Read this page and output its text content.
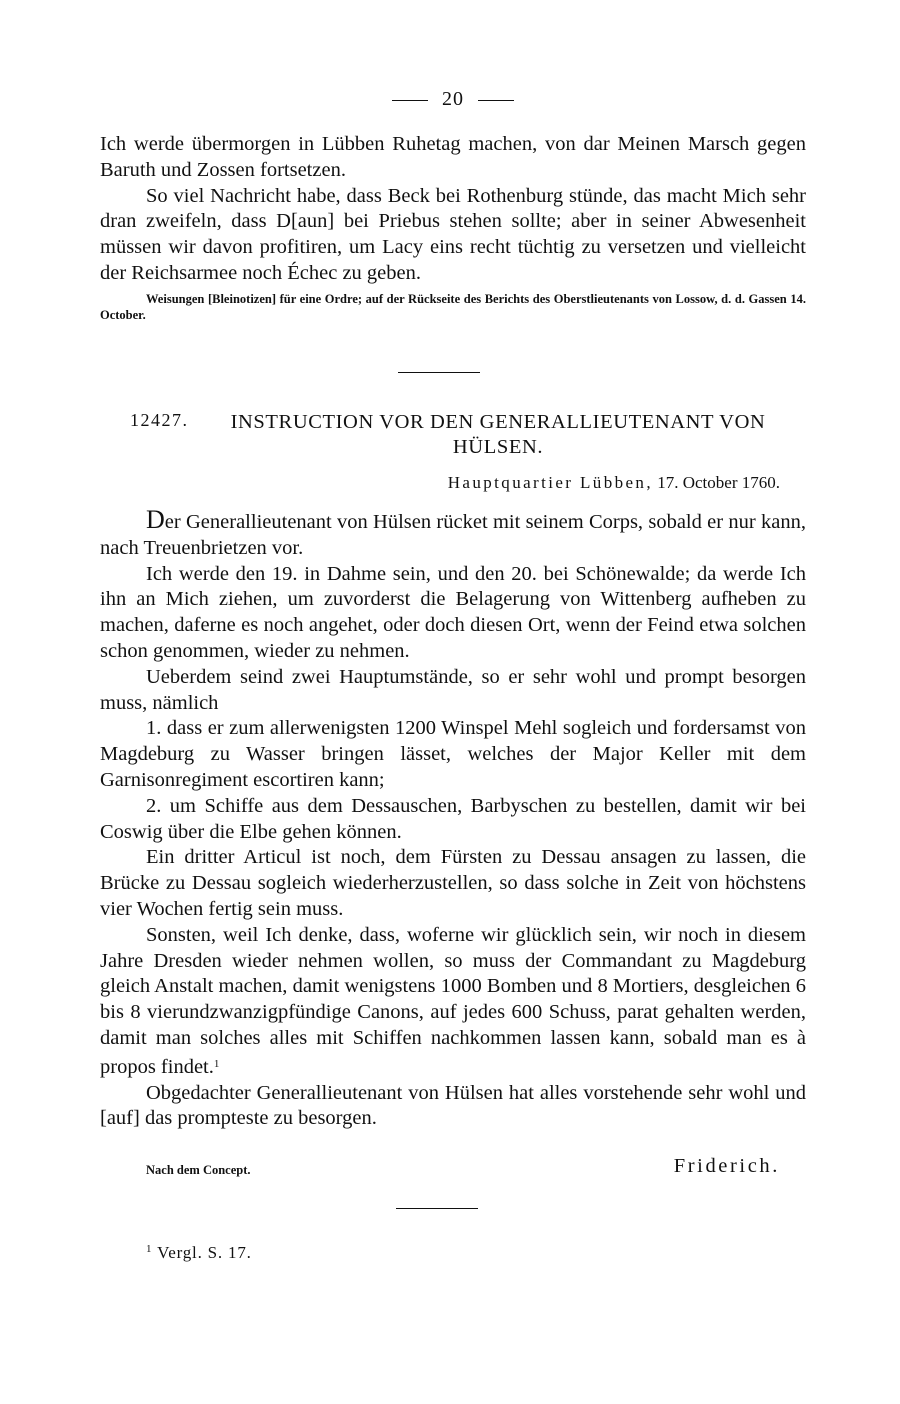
20

Ich werde übermorgen in Lübben Ruhetag machen, von dar Meinen Marsch gegen Baruth und Zossen fortsetzen.

So viel Nachricht habe, dass Beck bei Rothenburg stünde, das macht Mich sehr dran zweifeln, dass D[aun] bei Priebus stehen sollte; aber in seiner Abwesenheit müssen wir davon profitiren, um Lacy eins recht tüchtig zu versetzen und vielleicht der Reichsarmee noch Échec zu geben.

Weisungen [Bleinotizen] für eine Ordre; auf der Rückseite des Berichts des Oberstlieutenants von Lossow, d. d. Gassen 14. October.

12427.	INSTRUCTION VOR DEN GENERALLIEUTENANT VON HÜLSEN.
Hauptquartier Lübben, 17. October 1760.

Der Generallieutenant von Hülsen rücket mit seinem Corps, sobald er nur kann, nach Treuenbrietzen vor.

Ich werde den 19. in Dahme sein, und den 20. bei Schönewalde; da werde Ich ihn an Mich ziehen, um zuvorderst die Belagerung von Wittenberg aufheben zu machen, daferne es noch angehet, oder doch diesen Ort, wenn der Feind etwa solchen schon genommen, wieder zu nehmen.

Ueberdem seind zwei Hauptumstände, so er sehr wohl und prompt besorgen muss, nämlich

1. dass er zum allerwenigsten 1200 Winspel Mehl sogleich und fordersamst von Magdeburg zu Wasser bringen lässet, welches der Major Keller mit dem Garnisonregiment escortiren kann;

2. um Schiffe aus dem Dessauschen, Barbyschen zu bestellen, damit wir bei Coswig über die Elbe gehen können.

Ein dritter Articul ist noch, dem Fürsten zu Dessau ansagen zu lassen, die Brücke zu Dessau sogleich wiederherzustellen, so dass solche in Zeit von höchstens vier Wochen fertig sein muss.

Sonsten, weil Ich denke, dass, woferne wir glücklich sein, wir noch in diesem Jahre Dresden wieder nehmen wollen, so muss der Commandant zu Magdeburg gleich Anstalt machen, damit wenigstens 1000 Bomben und 8 Mortiers, desgleichen 6 bis 8 vierundzwanzigpfündige Canons, auf jedes 600 Schuss, parat gehalten werden, damit man solches alles mit Schiffen nachkommen lassen kann, sobald man es à propos findet.$^1$

Obgedachter Generallieutenant von Hülsen hat alles vorstehende sehr wohl und [auf] das prompteste zu besorgen.

Nach dem Concept.	Friderich.
$^1$ Vergl. S. 17.
